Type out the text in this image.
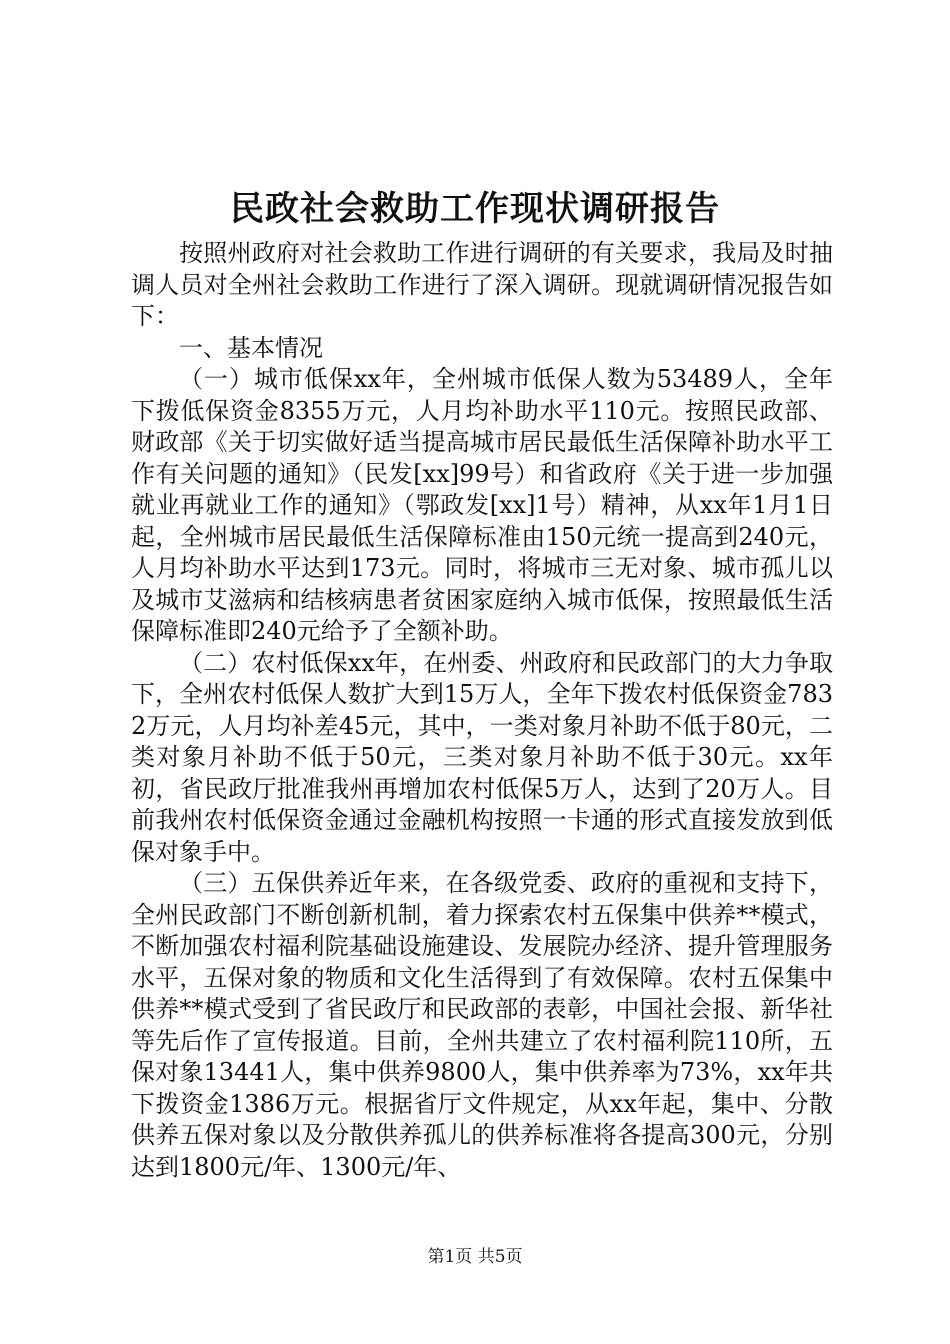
民政社会救助工作现状调研报告

按照州政府对社会救助工作进行调研的有关要求，我局及时抽调人员对全州社会救助工作进行了深入调研。现就调研情况报告如下：

一、基本情况

（一）城市低保xx年，全州城市低保人数为53489人，全年下拨低保资金8355万元，人月均补助水平110元。按照民政部、财政部《关于切实做好适当提高城市居民最低生活保障补助水平工作有关问题的通知》（民发[xx]99号）和省政府《关于进一步加强就业再就业工作的通知》（鄂政发[xx]1号）精神，从xx年1月1日起，全州城市居民最低生活保障标准由150元统一提高到240元，人月均补助水平达到173元。同时，将城市三无对象、城市孤儿以及城市艾滋病和结核病患者贫困家庭纳入城市低保，按照最低生活保障标准即240元给予了全额补助。

（二）农村低保xx年，在州委、州政府和民政部门的大力争取下，全州农村低保人数扩大到15万人，全年下拨农村低保资金7832万元，人月均补差45元，其中，一类对象月补助不低于80元，二类对象月补助不低于50元，三类对象月补助不低于30元。xx年初，省民政厅批准我州再增加农村低保5万人，达到了20万人。目前我州农村低保资金通过金融机构按照一卡通的形式直接发放到低保对象手中。

（三）五保供养近年来，在各级党委、政府的重视和支持下，全州民政部门不断创新机制，着力探索农村五保集中供养**模式，不断加强农村福利院基础设施建设、发展院办经济、提升管理服务水平，五保对象的物质和文化生活得到了有效保障。农村五保集中供养**模式受到了省民政厅和民政部的表彰，中国社会报、新华社等先后作了宣传报道。目前，全州共建立了农村福利院110所，五保对象13441人，集中供养9800人，集中供养率为73%，xx年共下拨资金1386万元。根据省厅文件规定，从xx年起，集中、分散供养五保对象以及分散供养孤儿的供养标准将各提高300元，分别达到1800元/年、1300元/年、

第1页 共5页
